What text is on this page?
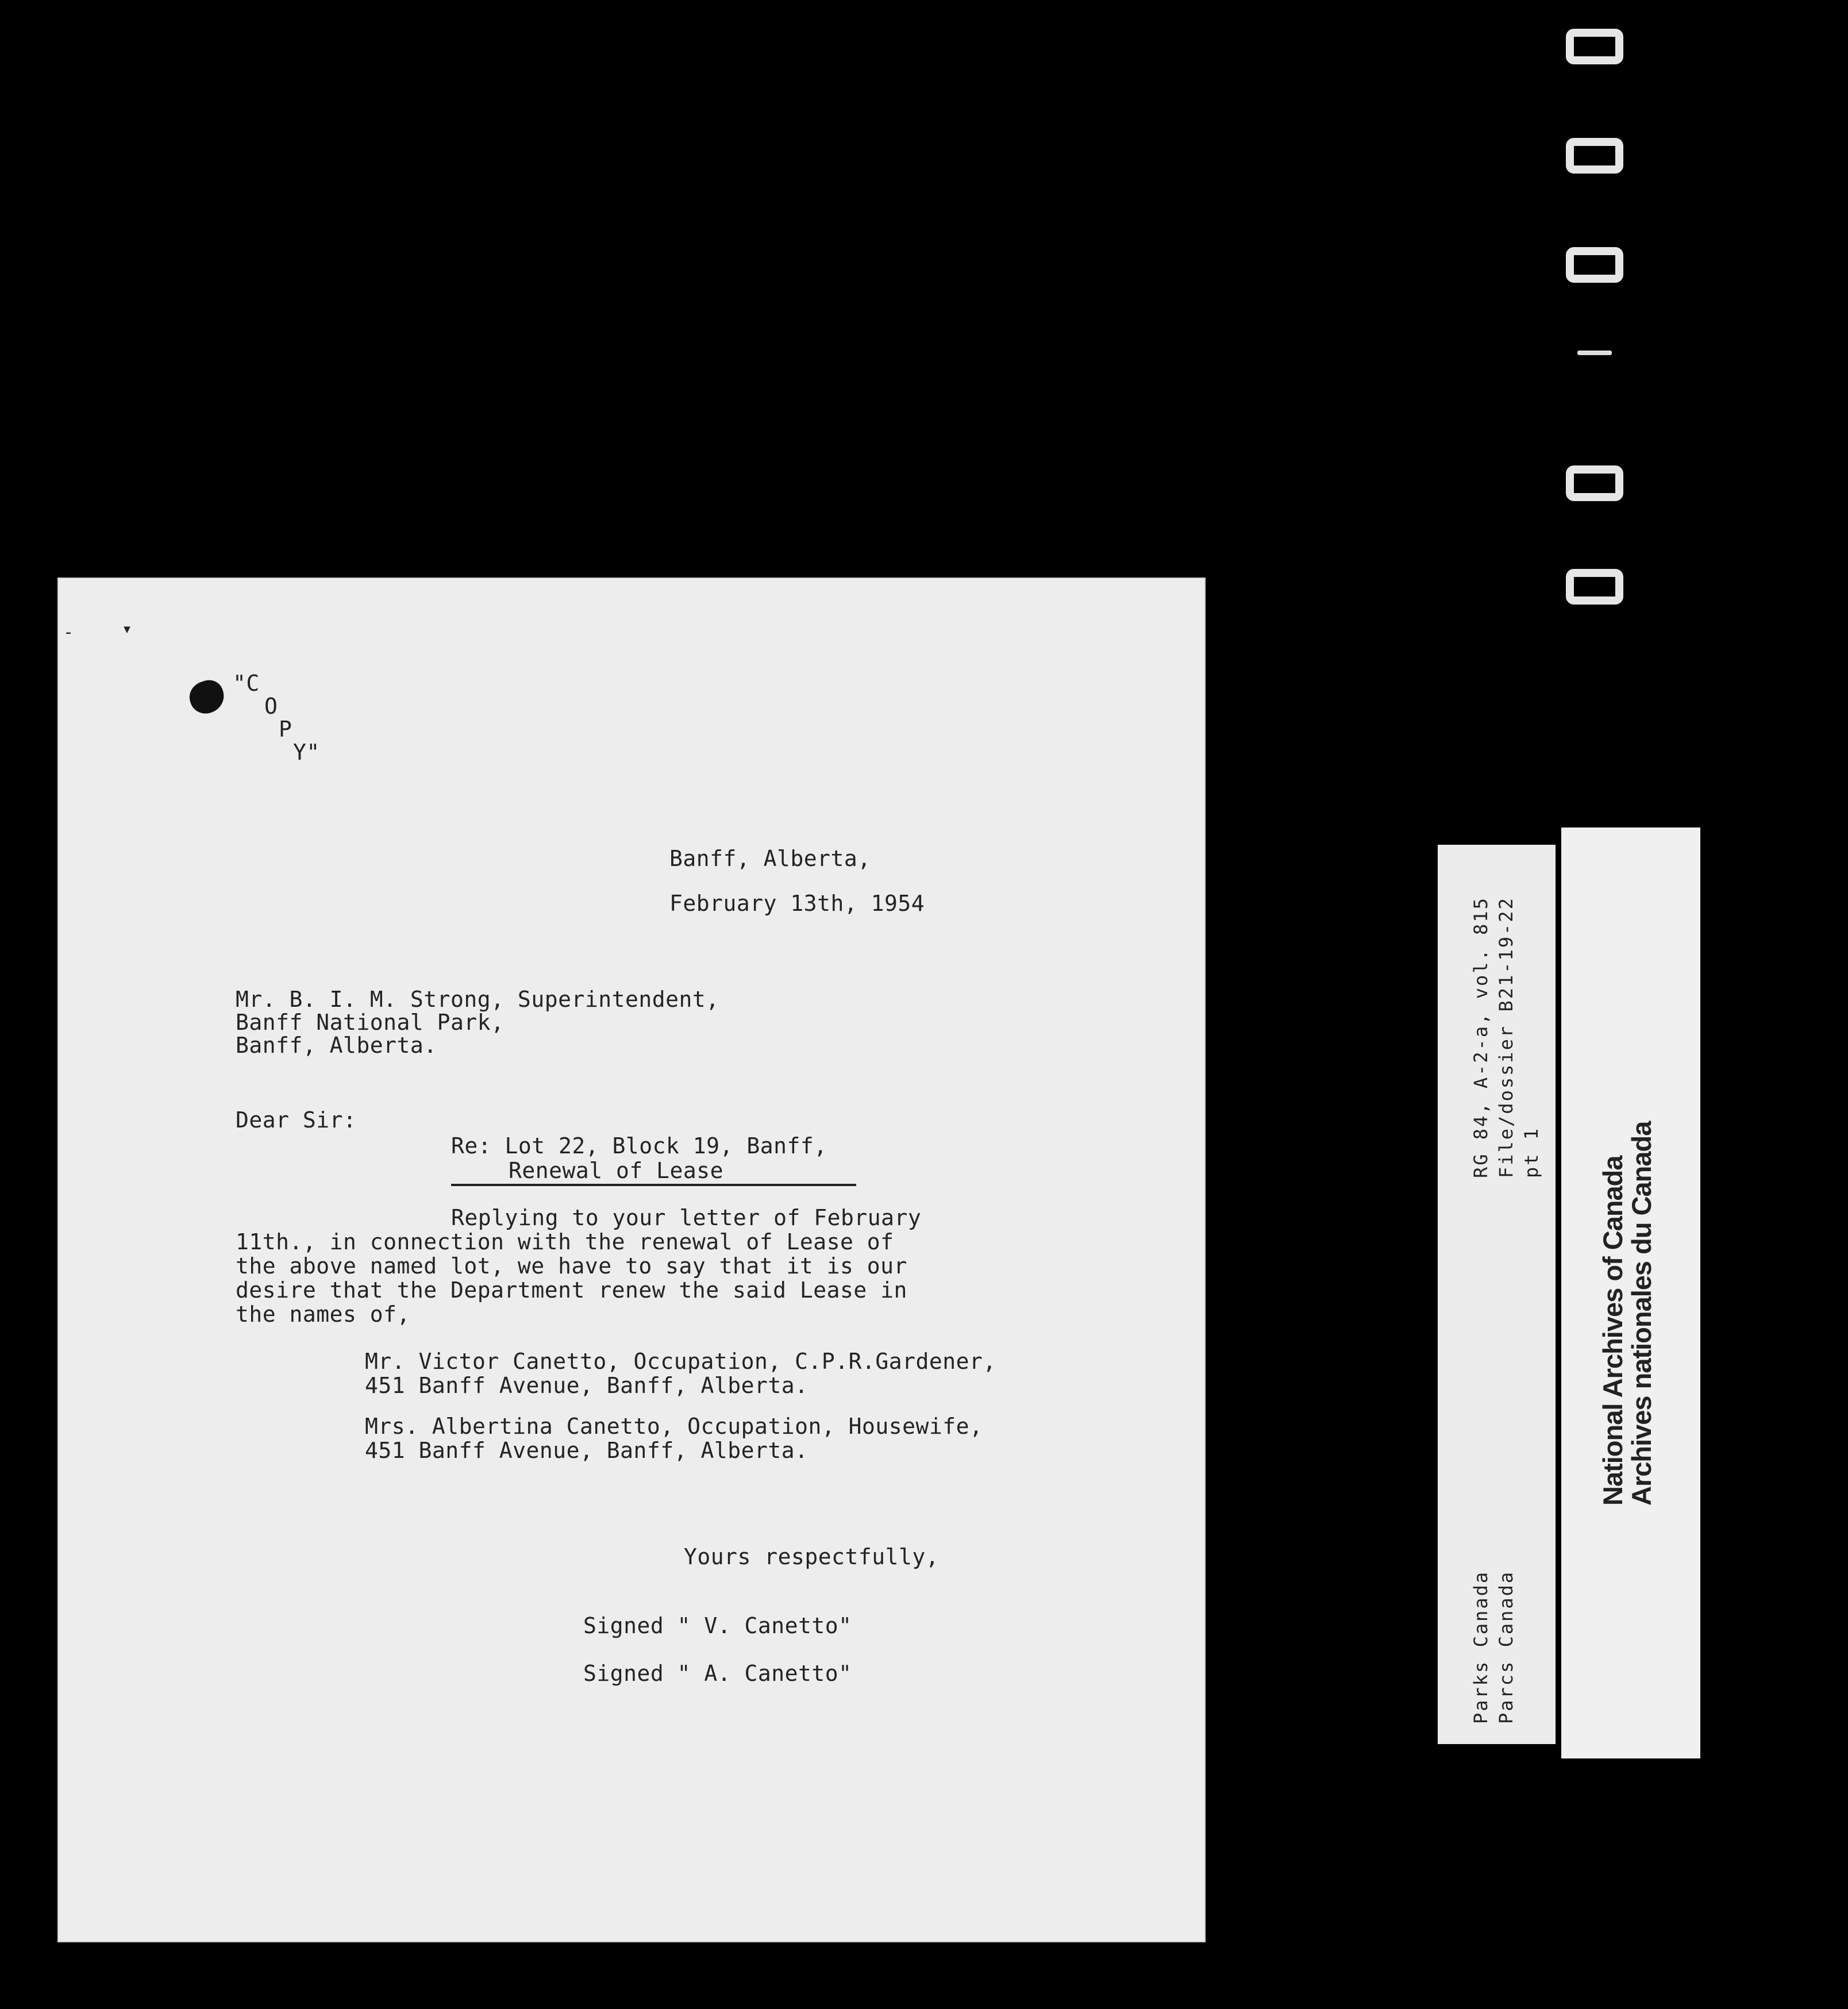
-	▾
"C
O
P
Y"
Banff, Alberta,
February 13th, 1954
Mr. B. I. M. Strong, Superintendent,
Banff National Park,
Banff, Alberta.
Dear Sir:
Re: Lot 22, Block 19, Banff,
Renewal of Lease
Replying to your letter of February
11th., in connection with the renewal of Lease of
the above named lot, we have to say that it is our
desire that the Department renew the said Lease in
the names of,
Mr. Victor Canetto, Occupation, C.P.R.Gardener,
451 Banff Avenue, Banff, Alberta.
Mrs. Albertina Canetto, Occupation, Housewife,
451 Banff Avenue, Banff, Alberta.
Yours respectfully,
Signed " V. Canetto"
Signed " A. Canetto"
RG 84, A-2-a, vol. 815 File/dossier B21-19-22 pt 1
Parks Canada Parcs Canada
National Archives of Canada
Archives nationales du Canada
